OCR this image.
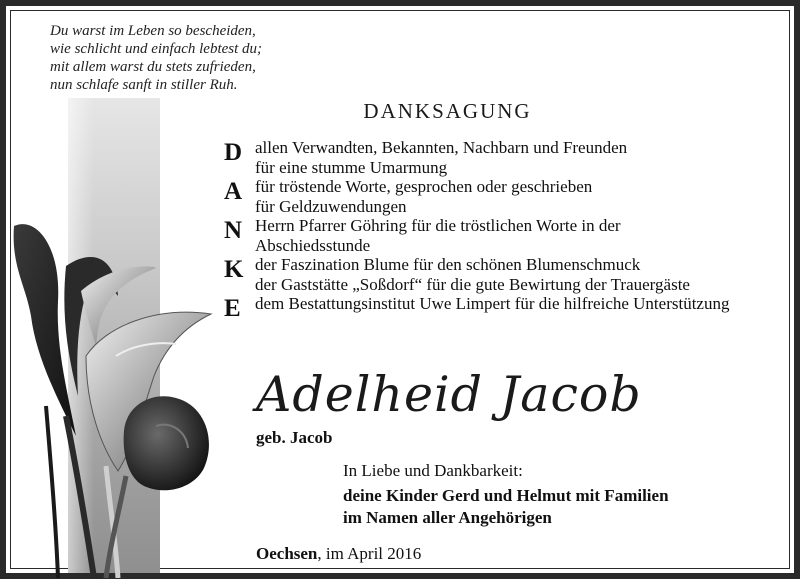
Du warst im Leben so bescheiden,
wie schlicht und einfach lebtest du;
mit allem warst du stets zufrieden,
nun schlafe sanft in stiller Ruh.
DANKSAGUNG
D allen Verwandten, Bekannten, Nachbarn und Freunden
für eine stumme Umarmung
A für tröstende Worte, gesprochen oder geschrieben
für Geldzuwendungen
N Herrn Pfarrer Göhring für die tröstlichen Worte in der
Abschiedsstunde
K der Faszination Blume für den schönen Blumenschmuck
der Gaststätte „Soßdorf“ für die gute Bewirtung der Trauergäste
E dem Bestattungsinstitut Uwe Limpert für die hilfreiche Unterstützung
Adelheid Jacob
geb. Jacob
In Liebe und Dankbarkeit:
deine Kinder Gerd und Helmut mit Familien
im Namen aller Angehörigen
Oechsen, im April 2016
